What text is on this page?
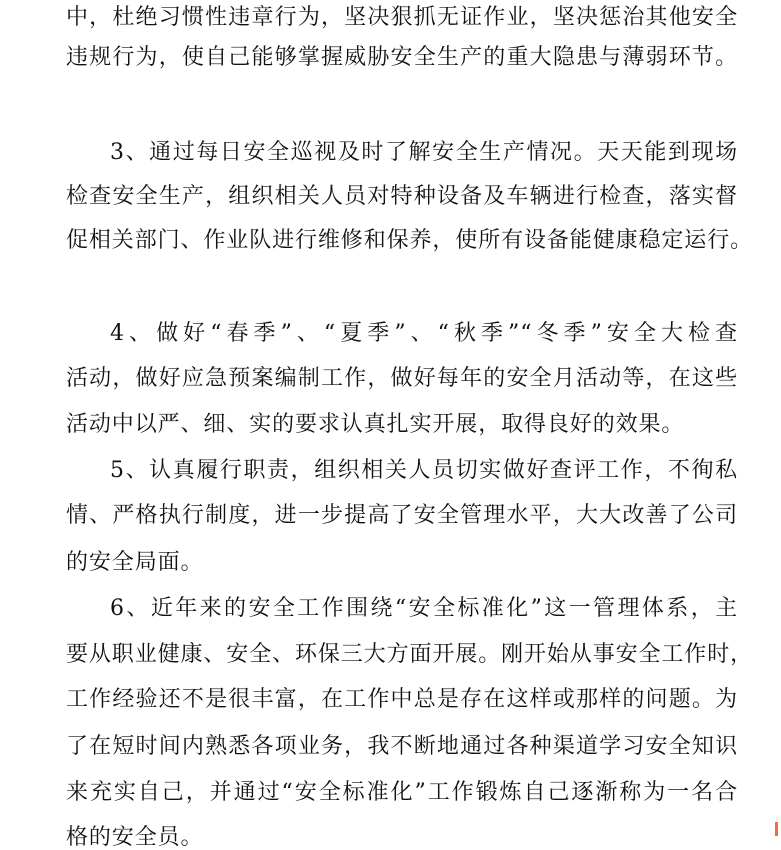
中，杜绝习惯性违章行为，坚决狠抓无证作业，坚决惩治其他安全

违规行为，使自己能够掌握威胁安全生产的重大隐患与薄弱环节。

3、通过每日安全巡视及时了解安全生产情况。天天能到现场

检查安全生产，组织相关人员对特种设备及车辆进行检查，落实督

促相关部门、作业队进行维修和保养，使所有设备能健康稳定运行。

4、做好“春季”、“夏季”、“秋季”“冬季”安全大检查

活动，做好应急预案编制工作，做好每年的安全月活动等，在这些

活动中以严、细、实的要求认真扎实开展，取得良好的效果。

5、认真履行职责，组织相关人员切实做好查评工作，不徇私

情、严格执行制度，进一步提高了安全管理水平，大大改善了公司

的安全局面。

6、近年来的安全工作围绕“安全标准化”这一管理体系，主

要从职业健康、安全、环保三大方面开展。刚开始从事安全工作时，

工作经验还不是很丰富，在工作中总是存在这样或那样的问题。为

了在短时间内熟悉各项业务，我不断地通过各种渠道学习安全知识

来充实自己，并通过“安全标准化”工作锻炼自己逐渐称为一名合

格的安全员。
